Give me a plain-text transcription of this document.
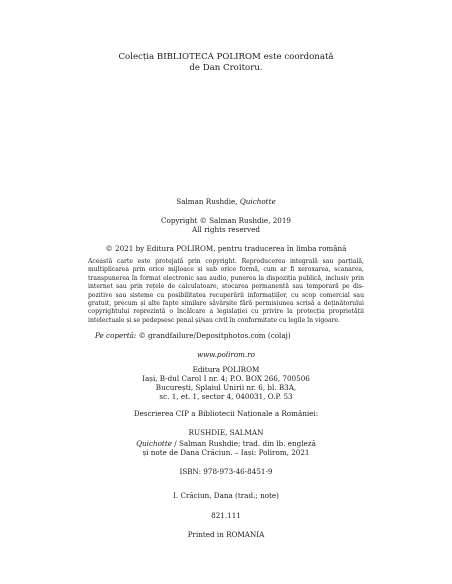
Colecția BIBLIOTECA POLIROM este coordonată
de Dan Croitoru.
Salman Rushdie, Quichotte
Copyright © Salman Rushdie, 2019
All rights reserved
© 2021 by Editura POLIROM, pentru traducerea în limba română
Această carte este protejată prin copyright. Reproducerea integrală sau parțială,
multiplicarea prin orice mijloace și sub orice formă, cum ar fi xeroxarea, scanarea,
transpunerea în format electronic sau audio, punerea la dispoziția publică, inclusiv prin
internet sau prin rețele de calculatoare, stocarea permanentă sau temporară pe dis-
pozitive sau sisteme cu posibilitatea recuperării informațiilor, cu scop comercial sau
gratuit, precum și alte fapte similare săvârșite fără permisiunea scrisă a deținătorului
copyrightului reprezintă o încălcare a legislației cu privire la protecția proprietății
intelectuale și se pedepsesc penal și/sau civil în conformitate cu legile în vigoare.
Pe copertă: © grandfailure/Depositphotos.com (colaj)
www.polirom.ro
Editura POLIROM
Iași, B-dul Carol I nr. 4; P.O. BOX 266, 700506
București, Splaiul Unirii nr. 6, bl. B3A,
sc. 1, et. 1, sector 4, 040031, O.P. 53
Descrierea CIP a Bibliotecii Naționale a României:
RUSHDIE, SALMAN
Quichotte / Salman Rushdie; trad. din lb. engleză
și note de Dana Crăciun. – Iași: Polirom, 2021
ISBN: 978-973-46-8451-9
I. Crăciun, Dana (trad.; note)
821.111
Printed in ROMANIA
